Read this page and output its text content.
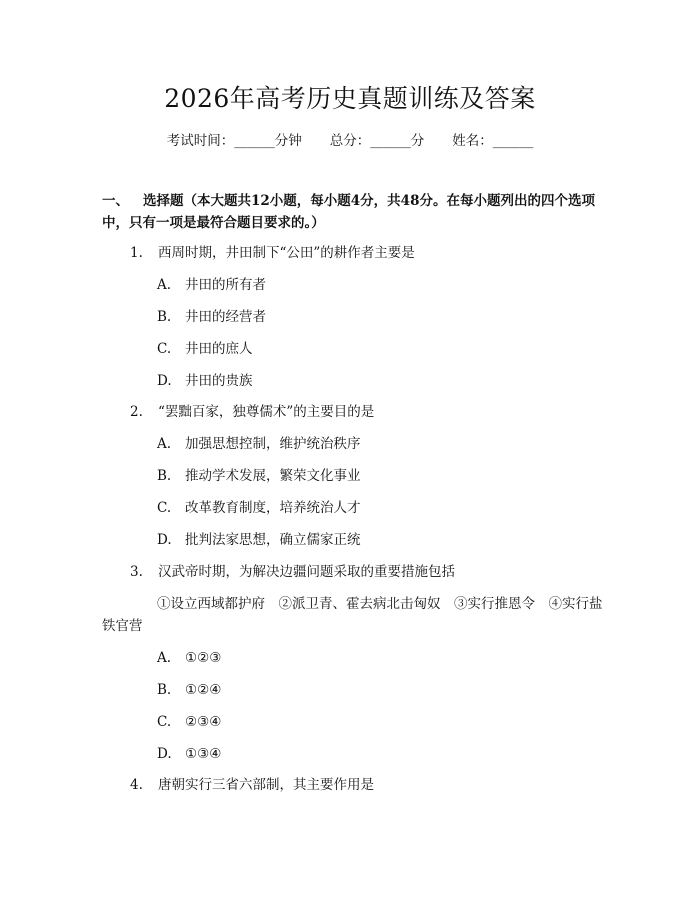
2026年高考历史真题训练及答案
考试时间：______分钟 总分：______分 姓名：______
一、 选择题（本大题共12小题，每小题4分，共48分。在每小题列出的四个选项中，只有一项是最符合题目要求的。）
1. 西周时期，井田制下“公田”的耕作者主要是
A. 井田的所有者
B. 井田的经营者
C. 井田的庶人
D. 井田的贵族
2. “罢黜百家，独尊儒术”的主要目的是
A. 加强思想控制，维护统治秩序
B. 推动学术发展，繁荣文化事业
C. 改革教育制度，培养统治人才
D. 批判法家思想，确立儒家正统
3. 汉武帝时期，为解决边疆问题采取的重要措施包括
①设立西域都护府　②派卫青、霍去病北击匈奴　③实行推恩令　④实行盐铁官营
A. ①②③
B. ①②④
C. ②③④
D. ①③④
4. 唐朝实行三省六部制，其主要作用是
